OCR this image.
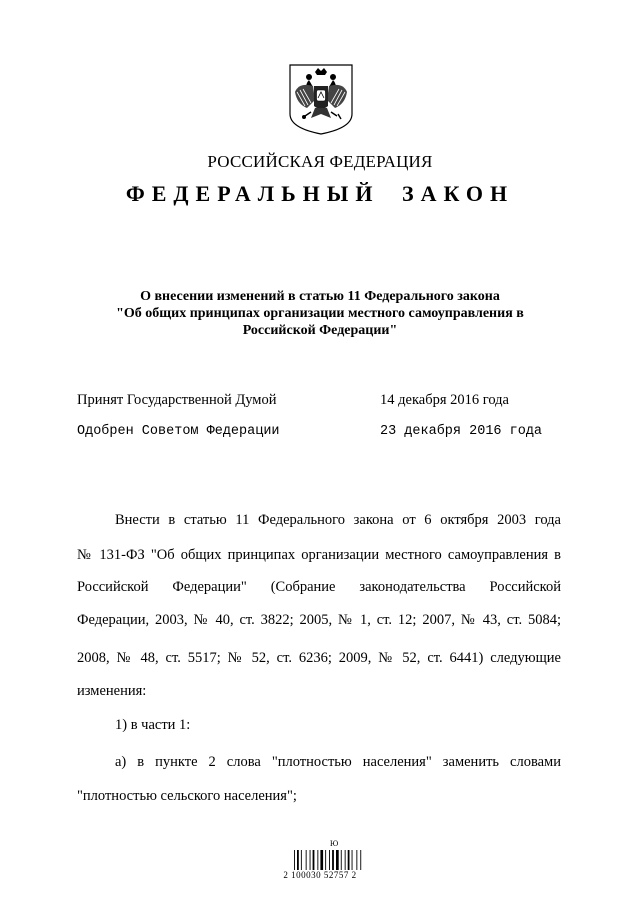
РОССИЙСКАЯ ФЕДЕРАЦИЯ
ФЕДЕРАЛЬНЫЙ ЗАКОН
О внесении изменений в статью 11 Федерального закона
"Об общих принципах организации местного самоуправления в
Российской Федерации"
Принят Государственной Думой	14 декабря 2016 года
Одобрен Советом Федерации	23 декабря 2016 года
Внести в статью 11 Федерального закона от 6 октября 2003 года
№ 131-ФЗ "Об общих принципах организации местного самоуправления в
Российской Федерации" (Собрание законодательства Российской
Федерации, 2003, № 40, ст. 3822; 2005, № 1, ст. 12; 2007, № 43, ст. 5084;
2008, № 48, ст. 5517; № 52, ст. 6236; 2009, № 52, ст. 6441) следующие
изменения:
1) в части 1:
а) в пункте 2 слова "плотностью населения" заменить словами
"плотностью сельского населения";
Ю
2 100030 52757 2
